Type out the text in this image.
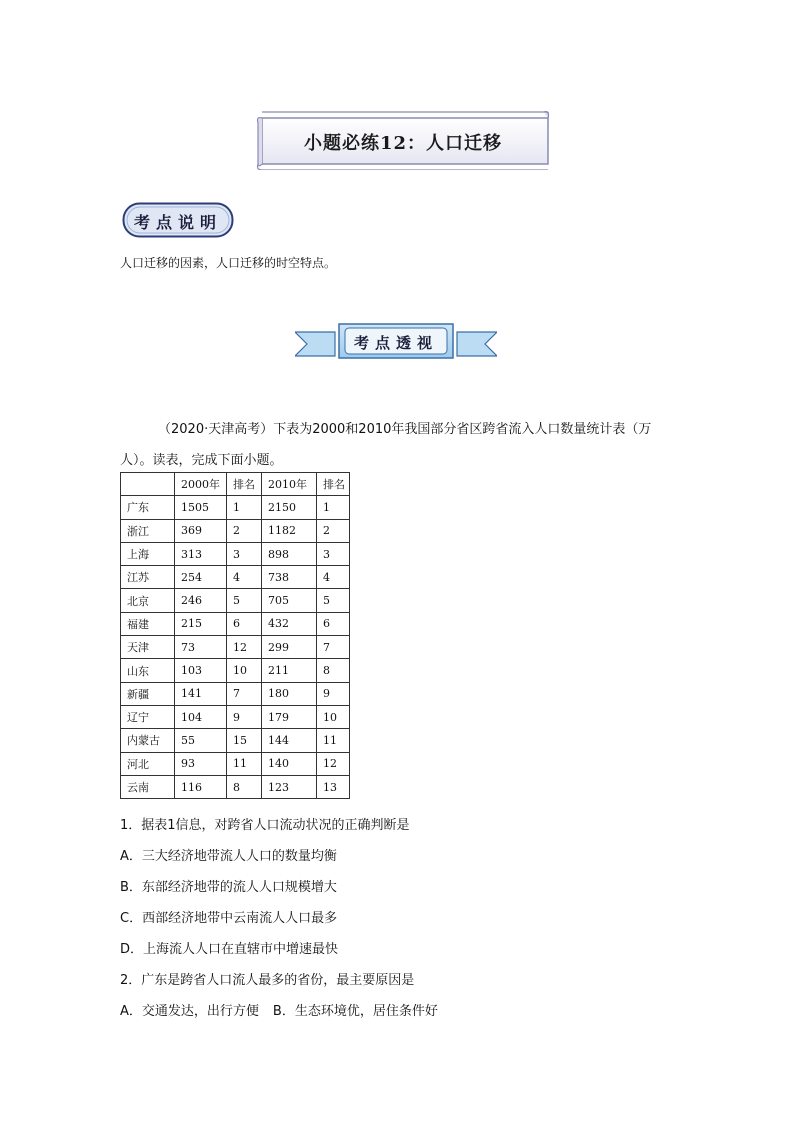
小题必练12：人口迁移
考点说明
人口迁移的因素，人口迁移的时空特点。
考点透视
（2020·天津高考）下表为2000和2010年我国部分省区跨省流入人口数量统计表（万
人）。读表，完成下面小题。
	2000年	排名	2010年	排名
广东	1505	1	2150	1
浙江	369	2	1182	2
上海	313	3	898	3
江苏	254	4	738	4
北京	246	5	705	5
福建	215	6	432	6
天津	73	12	299	7
山东	103	10	211	8
新疆	141	7	180	9
辽宁	104	9	179	10
内蒙古	55	15	144	11
河北	93	11	140	12
云南	116	8	123	13
1．据表1信息，对跨省人口流动状况的正确判断是
A．三大经济地带流人人口的数量均衡
B．东部经济地带的流人人口规模增大
C．西部经济地带中云南流人人口最多
D．上海流人人口在直辖市中增速最快
2．广东是跨省人口流人最多的省份，最主要原因是
A．交通发达，出行方便 B．生态环境优，居住条件好
